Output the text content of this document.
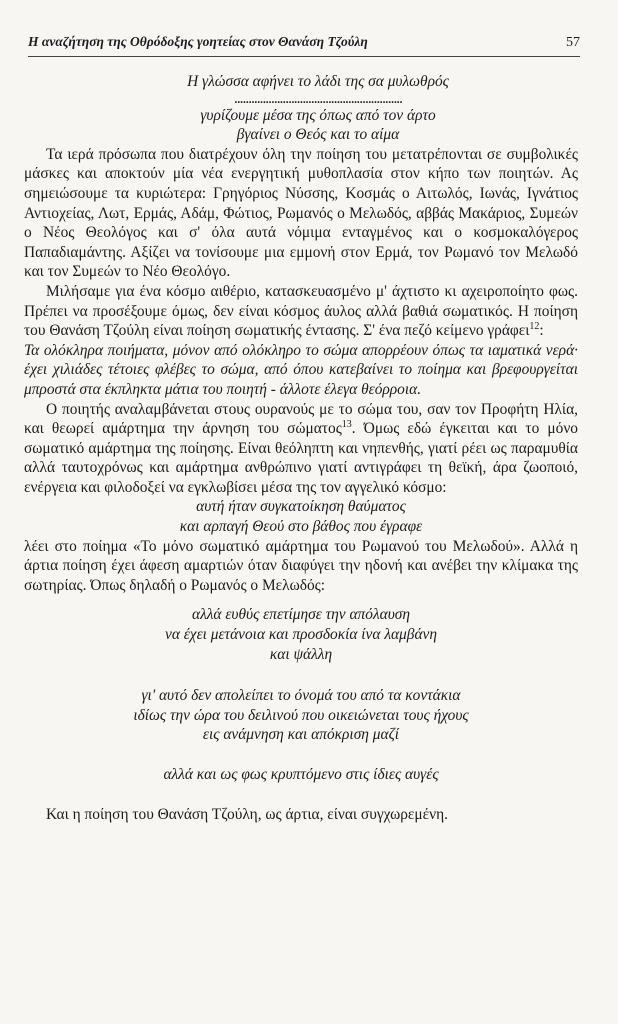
Η αναζήτηση της Οθρόδοξης γοητείας στον Θανάση Τζούλη	57
Η γλώσσα αφήνει το λάδι της σα μυλωθρός
...........................................................
γυρίζουμε μέσα της όπως από τον άρτο
βγαίνει ο Θεός και το αίμα

Τα ιερά πρόσωπα που διατρέχουν όλη την ποίηση του μετατρέπονται σε συμβολικές μάσκες και αποκτούν μία νέα ενεργητική μυθοπλασία στον κήπο των ποιητών. Ας σημειώσουμε τα κυριώτερα: Γρηγόριος Νύσσης, Κοσμάς ο Αιτωλός, Ιωνάς, Ιγνάτιος Αντιοχείας, Λωτ, Ερμάς, Αδάμ, Φώτιος, Ρωμανός ο Μελωδός, αββάς Μακάριος, Συμεών ο Νέος Θεολόγος και σ' όλα αυτά νόμιμα ενταγμένος και ο κοσμοκαλόγερος Παπαδιαμάντης. Αξίζει να τονίσουμε μια εμμονή στον Ερμά, τον Ρωμανό τον Μελωδό και τον Συμεών το Νέο Θεολόγο.

Μιλήσαμε για ένα κόσμο αιθέριο, κατασκευασμένο μ' άχτιστο κι αχειροποίητο φως. Πρέπει να προσέξουμε όμως, δεν είναι κόσμος άυλος αλλά βαθιά σωματικός. Η ποίηση του Θανάση Τζούλη είναι ποίηση σωματικής έντασης. Σ' ένα πεζό κείμενο γράφει$^{12}$:

Τα ολόκληρα ποιήματα, μόνον από ολόκληρο το σώμα απορρέουν όπως τα ιαματικά νερά· έχει χιλιάδες τέτοιες φλέβες το σώμα, από όπου κατεβαίνει το ποίημα και βρεφουργείται μπροστά στα έκπληκτα μάτια του ποιητή - άλλοτε έλεγα θεόρροια.

Ο ποιητής αναλαμβάνεται στους ουρανούς με το σώμα του, σαν τον Προφήτη Ηλία, και θεωρεί αμάρτημα την άρνηση του σώματος$^{13}$. Όμως εδώ έγκειται και το μόνο σωματικό αμάρτημα της ποίησης. Είναι θεόληπτη και νηπενθής, γιατί ρέει ως παραμυθία αλλά ταυτοχρόνως και αμάρτημα ανθρώπινο γιατί αντιγράφει τη θεϊκή, άρα ζωοποιό, ενέργεια και φιλοδοξεί να εγκλωβίσει μέσα της τον αγγελικό κόσμο:

αυτή ήταν συγκατοίκηση θαύματος
και αρπαγή Θεού στο βάθος που έγραφε

λέει στο ποίημα «Το μόνο σωματικό αμάρτημα του Ρωμανού του Μελωδού». Αλλά η άρτια ποίηση έχει άφεση αμαρτιών όταν διαφύγει την ηδονή και ανέβει την κλίμακα της σωτηρίας. Όπως δηλαδή ο Ρωμανός ο Μελωδός:

αλλά ευθύς επετίμησε την απόλαυση
να έχει μετάνοια και προσδοκία ίνα λαμβάνη
και ψάλλη
γι' αυτό δεν απολείπει το όνομά του από τα κοντάκια
ιδίως την ώρα του δειλινού που οικειώνεται τους ήχους
εις ανάμνηση και απόκριση μαζί
αλλά και ως φως κρυπτόμενο στις ίδιες αυγές

Και η ποίηση του Θανάση Τζούλη, ως άρτια, είναι συγχωρεμένη.
